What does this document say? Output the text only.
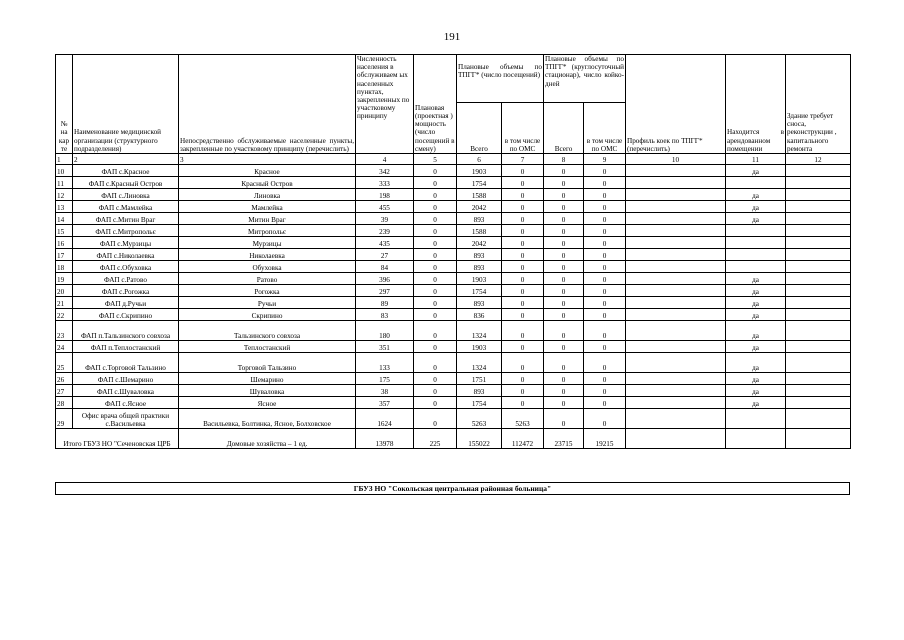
191
№ на кар те	Наименование медицинской организации (структурного подразделения)	Непосредственно обслуживаемые населенные пункты, закрепленные по участковому принципу (перечислить)	Численность населения в обслуживаем ых населенных пунктах, закрепленных по участковому принципу	Плановая (проектная ) мощность (число посещений в смену)	Плановые объемы по ТПГГ* (число посещений)		Плановые объемы по ТПГГ* (круглосуточный стационар), число койко-дней		Профиль коек по ТПГГ* (перечислить)	Находится в арендованном помещении	Здание требует сноса, реконструкции , капитального ремонта
					Всего	в том числе по ОМС	Всего	в том числе по ОМС			
1	2	3	4	5	6	7	8	9	10	11	12
10	ФАП с.Красное	Красное	342	0	1903	0	0	0		да	
11	ФАП с.Красный Остров	Красный Остров	333	0	1754	0	0	0			
12	ФАП с.Линовка	Линовка	198	0	1588	0	0	0		да	
13	ФАП с.Мамлейка	Мамлейка	455	0	2042	0	0	0		да	
14	ФАП с.Митин Враг	Митин Враг	39	0	893	0	0	0		да	
15	ФАП с.Митропольє	Митропольє	239	0	1588	0	0	0			
16	ФАП с.Мурзицы	Мурзицы	435	0	2042	0	0	0			
17	ФАП с.Николаевка	Николаевка	27	0	893	0	0	0			
18	ФАП с.Обуховка	Обуховка	84	0	893	0	0	0			
19	ФАП с.Ратово	Ратово	396	0	1903	0	0	0		да	
20	ФАП с.Рогожка	Рогожка	297	0	1754	0	0	0		да	
21	ФАП д.Ручьи	Ручьи	89	0	893	0	0	0		да	
22	ФАП с.Скрипино	Скрипино	83	0	836	0	0	0		да	
23	ФАП п.Тальзинского совхоза	Тальзинского совхоза	180	0	1324	0	0	0		да	
24	ФАП п.Теплостанский	Теплостанский	351	0	1903	0	0	0		да	
25	ФАП с.Торговой Тальзино	Торговой Тальзино	133	0	1324	0	0	0		да	
26	ФАП с.Шемарино	Шемарино	175	0	1751	0	0	0		да	
27	ФАП с.Шуваловка	Шуваловка	38	0	893	0	0	0		да	
28	ФАП с.Ясное	Ясное	357	0	1754	0	0	0		да	
29	Офис врача общей практики с.Васильевка	Васильевка, Болтинка, Ясное, Болховское	1624	0	5263	5263	0	0			
Итого ГБУЗ НО "Сеченовская ЦРБ		Домовые хозяйства – 1 ед.	13978	225	155022	112472	23715	19215			
ГБУЗ НО "Сокольская центральная районная больница"
